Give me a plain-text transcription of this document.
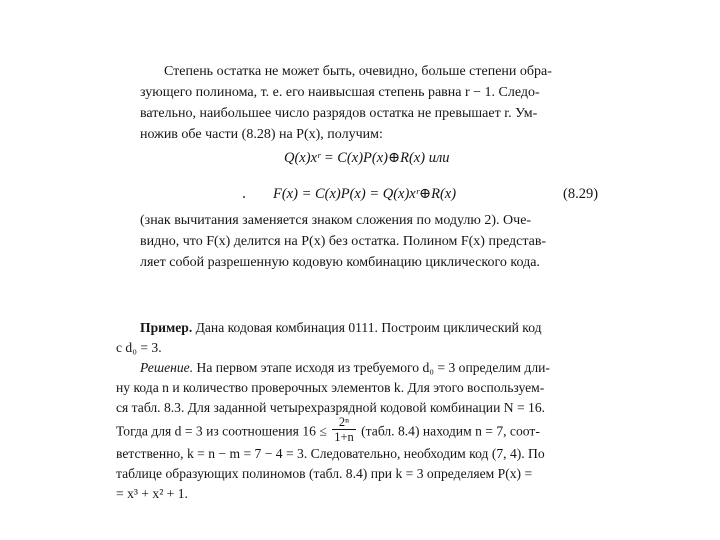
Степень остатка не может быть, очевидно, больше степени обра-
зующего полинома, т. е. его наивысшая степень равна r − 1. Следо-
вательно, наибольшее число разрядов остатка не превышает r. Ум-
ножив обе части (8.28) на P(x), получим:
Q(x)xʳ = C(x)P(x)⊕R(x) или
F(x) = C(x)P(x) = Q(x)xʳ⊕R(x)	(8.29)
(знак вычитания заменяется знаком сложения по модулю 2). Оче-
видно, что F(x) делится на P(x) без остатка. Полином F(x) представ-
ляет собой разрешенную кодовую комбинацию циклического кода.
Пример. Дана кодовая комбинация 0111. Построим циклический код
с d₀ = 3.
Решение. На первом этапе исходя из требуемого d₀ = 3 определим дли-
ну кода n и количество проверочных элементов k. Для этого воспользуем-
ся табл. 8.3. Для заданной четырехразрядной кодовой комбинации N = 16.
Тогда для d = 3 из соотношения $16 \le \frac{\text{2ⁿ}}{1+n}$ (табл. 8.4) находим n = 7, соот-
ветственно, k = n − m = 7 − 4 = 3. Следовательно, необходим код (7, 4). По
таблице образующих полиномов (табл. 8.4) при k = 3 определяем P(x) =
= x³ + x² + 1.
